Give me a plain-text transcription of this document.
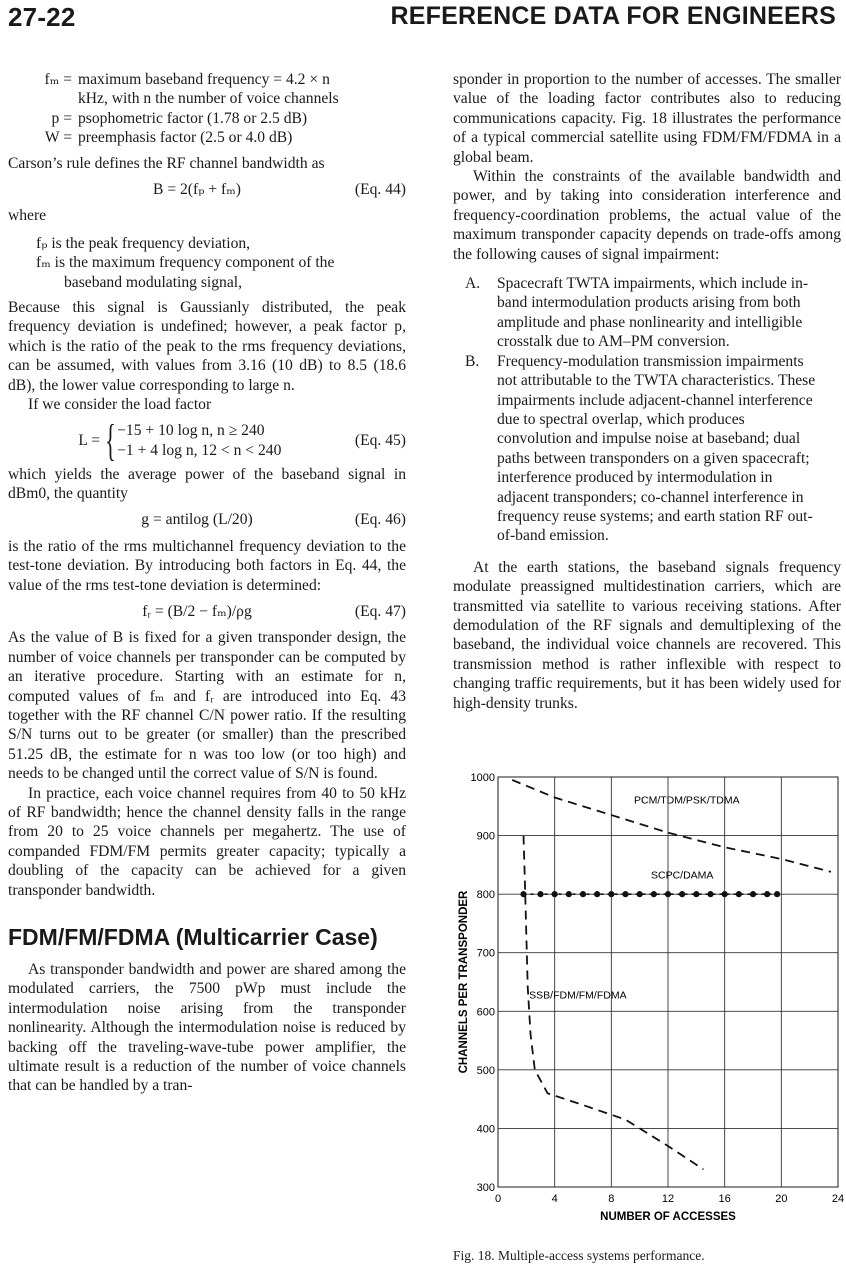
27-22	REFERENCE DATA FOR ENGINEERS
fₘ = maximum baseband frequency = 4.2 × n
kHz, with n the number of voice channels
p = psophometric factor (1.78 or 2.5 dB)
W = preemphasis factor (2.5 or 4.0 dB)

Carson’s rule defines the RF channel bandwidth as

B = 2(fₚ + fₘ)	(Eq. 44)

where

fₚ is the peak frequency deviation,
fₘ is the maximum frequency component of the
baseband modulating signal,

Because this signal is Gaussianly distributed, the peak frequency deviation is undefined; however, a peak factor p, which is the ratio of the peak to the rms frequency deviations, can be assumed, with values from 3.16 (10 dB) to 8.5 (18.6 dB), the lower value corresponding to large n.

If we consider the load factor

L = { −15 + 10 log n, n ≥ 240
−1 + 4 log n, 12 < n < 240
(Eq. 45)

which yields the average power of the baseband signal in dBm0, the quantity

g = antilog (L/20)	(Eq. 46)

is the ratio of the rms multichannel frequency deviation to the test-tone deviation. By introducing both factors in Eq. 44, the value of the rms test-tone deviation is determined:

fᵣ = (B/2 − fₘ)/ρg	(Eq. 47)

As the value of B is fixed for a given transponder design, the number of voice channels per transponder can be computed by an iterative procedure. Starting with an estimate for n, computed values of fₘ and fᵣ are introduced into Eq. 43 together with the RF channel C/N power ratio. If the resulting S/N turns out to be greater (or smaller) than the prescribed 51.25 dB, the estimate for n was too low (or too high) and needs to be changed until the correct value of S/N is found.

In practice, each voice channel requires from 40 to 50 kHz of RF bandwidth; hence the channel density falls in the range from 20 to 25 voice channels per megahertz. The use of companded FDM/FM permits greater capacity; typically a doubling of the capacity can be achieved for a given transponder bandwidth.

FDM/FM/FDMA (Multicarrier Case)

As transponder bandwidth and power are shared among the modulated carriers, the 7500 pWp must include the intermodulation noise arising from the transponder nonlinearity. Although the intermodulation noise is reduced by backing off the traveling-wave-tube power amplifier, the ultimate result is a reduction of the number of voice channels that can be handled by a tran-

sponder in proportion to the number of accesses. The smaller value of the loading factor contributes also to reducing communications capacity. Fig. 18 illustrates the performance of a typical commercial satellite using FDM/FM/FDMA in a global beam.

Within the constraints of the available bandwidth and power, and by taking into consideration interference and frequency-coordination problems, the actual value of the maximum transponder capacity depends on trade-offs among the following causes of signal impairment:

A.	Spacecraft TWTA impairments, which include in-band intermodulation products arising from both amplitude and phase nonlinearity and intelligible crosstalk due to AM–PM conversion.
B.	Frequency-modulation transmission impairments not attributable to the TWTA characteristics. These impairments include adjacent-channel interference due to spectral overlap, which produces convolution and impulse noise at baseband; dual paths between transponders on a given spacecraft; interference produced by intermodulation in adjacent transponders; co-channel interference in frequency reuse systems; and earth station RF out-of-band emission.

At the earth stations, the baseband signals frequency modulate preassigned multidestination carriers, which are transmitted via satellite to various receiving stations. After demodulation of the RF signals and demultiplexing of the baseband, the individual voice channels are recovered. This transmission method is rather inflexible with respect to changing traffic requirements, but it has been widely used for high-density trunks.

300
400
500
600
700
800
900
1000
0	4	8	12	16	20	24
PCM/TDM/PSK/TDMA
SCPC/DAMA
SSB/FDM/FM/FDMA
NUMBER OF ACCESSES
CHANNELS PER TRANSPONDER
Fig. 18. Multiple-access systems performance.
